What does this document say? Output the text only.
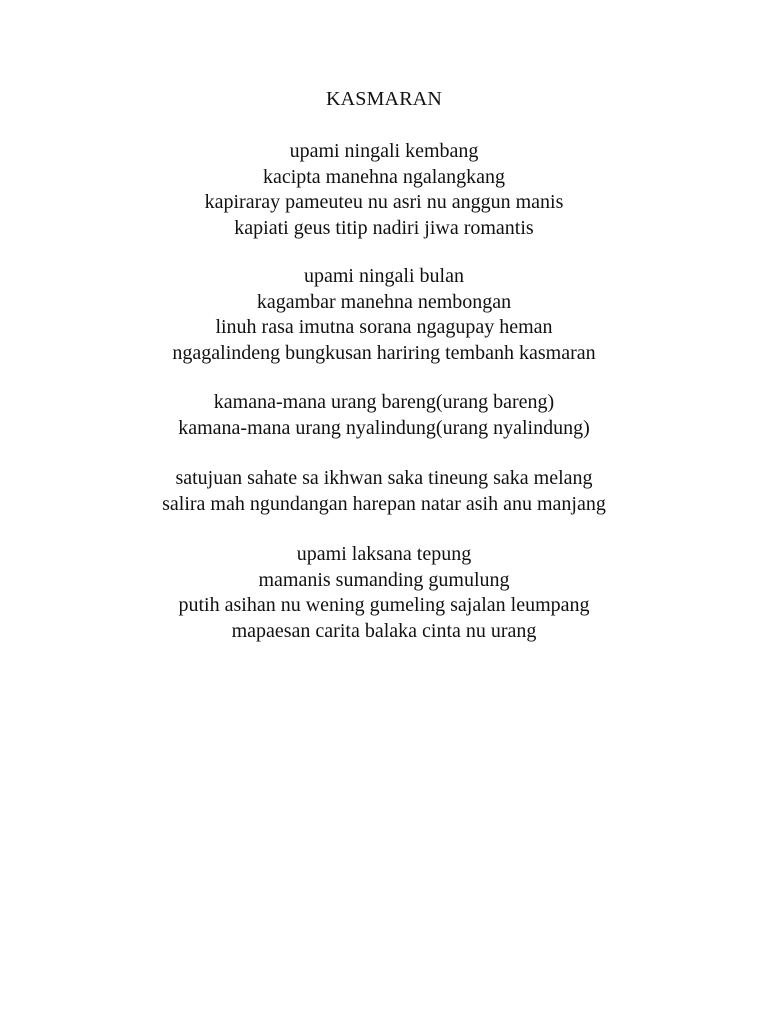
KASMARAN
upami ningali kembang
kacipta manehna ngalangkang
kapiraray pameuteu nu asri nu anggun manis
kapiati geus titip nadiri jiwa romantis
upami ningali bulan
kagambar manehna nembongan
linuh rasa imutna sorana ngagupay heman
ngagalindeng bungkusan hariring tembanh kasmaran
kamana-mana urang bareng(urang bareng)
kamana-mana urang nyalindung(urang nyalindung)
satujuan sahate sa ikhwan saka tineung saka melang
salira mah ngundangan harepan natar asih anu manjang
upami laksana tepung
mamanis sumanding gumulung
putih asihan nu wening gumeling sajalan leumpang
mapaesan carita balaka cinta nu urang
